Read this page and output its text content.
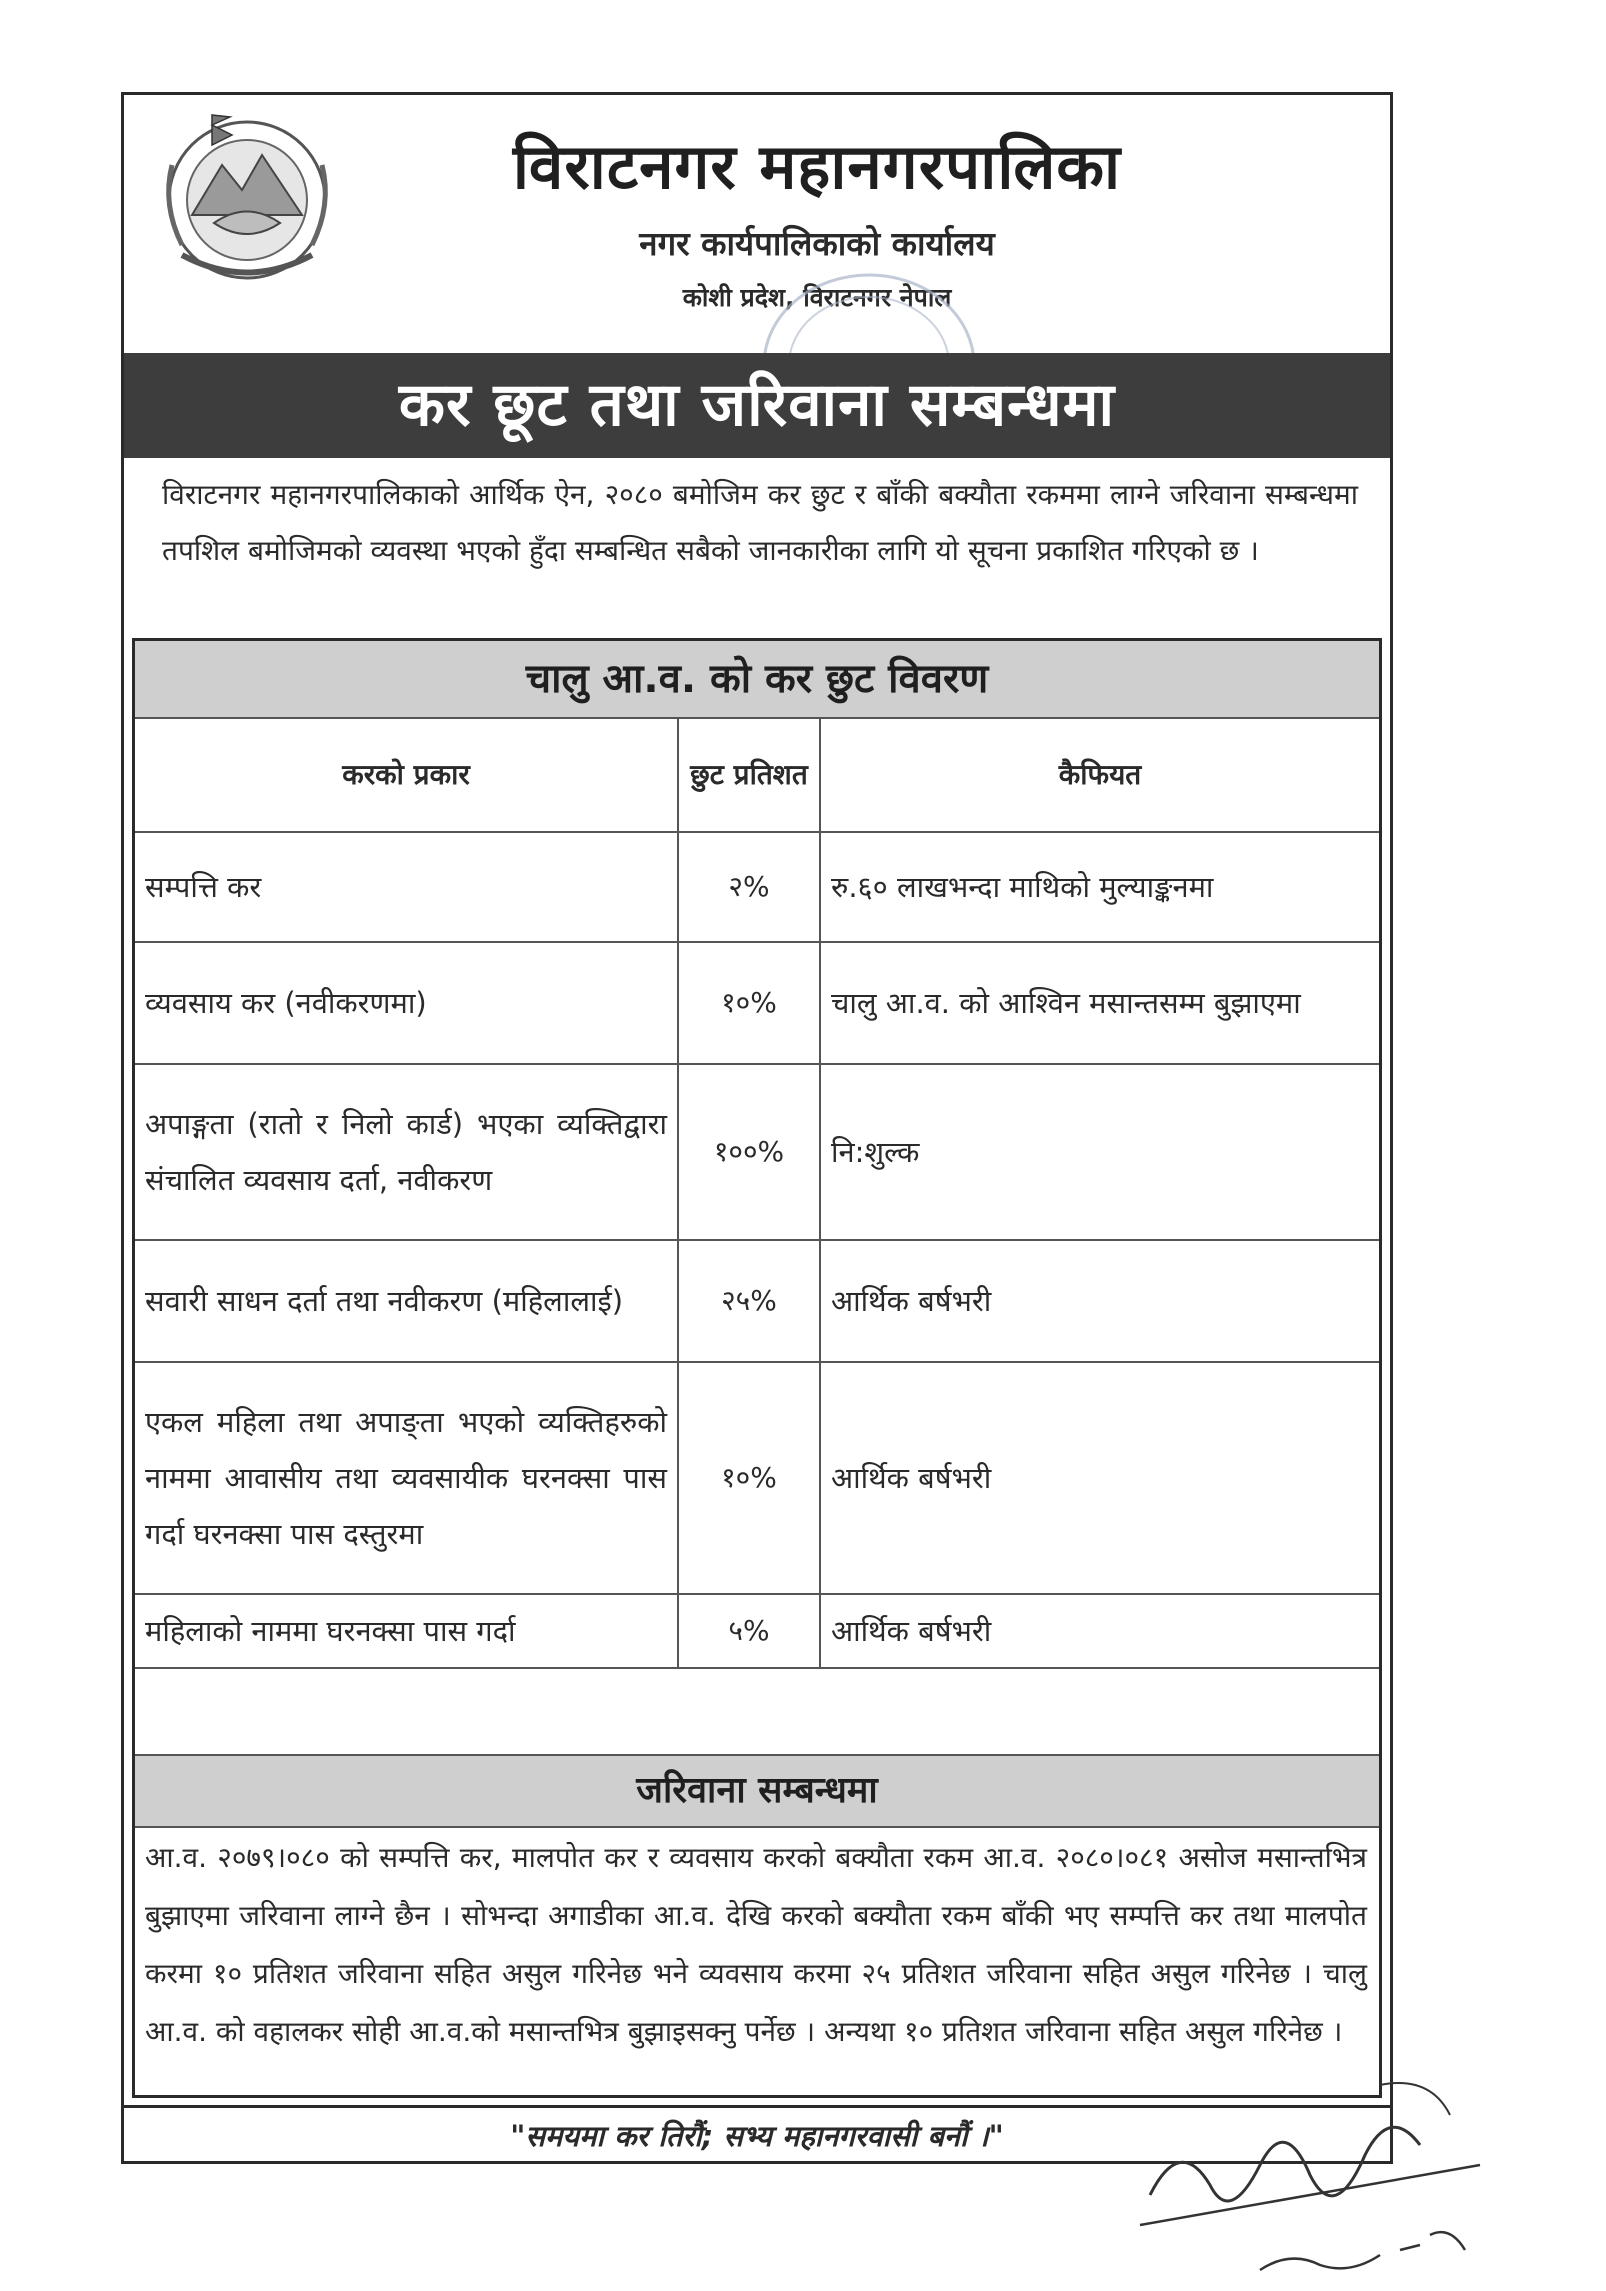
विराटनगर महानगरपालिका
नगर कार्यपालिकाको कार्यालय
कोशी प्रदेश, विराटनगर नेपाल
कर छूट तथा जरिवाना सम्बन्धमा
विराटनगर महानगरपालिकाको आर्थिक ऐन, २०८० बमोजिम कर छुट र बाँकी बक्यौता रकममा लाग्ने जरिवाना सम्बन्धमा तपशिल बमोजिमको व्यवस्था भएको हुँदा सम्बन्धित सबैको जानकारीका लागि यो सूचना प्रकाशित गरिएको छ ।
चालु आ.व. को कर छुट विवरण
करको प्रकार	छुट प्रतिशत	कैफियत
सम्पत्ति कर	२%	रु.६० लाखभन्दा माथिको मुल्याङ्कनमा
व्यवसाय कर (नवीकरणमा)	१०%	चालु आ.व. को आश्विन मसान्तसम्म बुझाएमा
अपाङ्गता (रातो र निलो कार्ड) भएका व्यक्तिद्वारा संचालित व्यवसाय दर्ता, नवीकरण	१००%	नि:शुल्क
सवारी साधन दर्ता तथा नवीकरण (महिलालाई)	२५%	आर्थिक बर्षभरी
एकल महिला तथा अपाङ्ता भएको व्यक्तिहरुको नाममा आवासीय तथा व्यवसायीक घरनक्सा पास गर्दा घरनक्सा पास दस्तुरमा	१०%	आर्थिक बर्षभरी
महिलाको नाममा घरनक्सा पास गर्दा	५%	आर्थिक बर्षभरी
जरिवाना सम्बन्धमा
आ.व. २०७९।०८० को सम्पत्ति कर, मालपोत कर र व्यवसाय करको बक्यौता रकम आ.व. २०८०।०८१ असोज मसान्तभित्र बुझाएमा जरिवाना लाग्ने छैन । सोभन्दा अगाडीका आ.व. देखि करको बक्यौता रकम बाँकी भए सम्पत्ति कर तथा मालपोत करमा १० प्रतिशत जरिवाना सहित असुल गरिनेछ भने व्यवसाय करमा २५ प्रतिशत जरिवाना सहित असुल गरिनेछ । चालु आ.व. को वहालकर सोही आ.व.को मसान्तभित्र बुझाइसक्नु पर्नेछ । अन्यथा १० प्रतिशत जरिवाना सहित असुल गरिनेछ ।
"समयमा कर तिरौं; सभ्य महानगरवासी बनौं ।"
